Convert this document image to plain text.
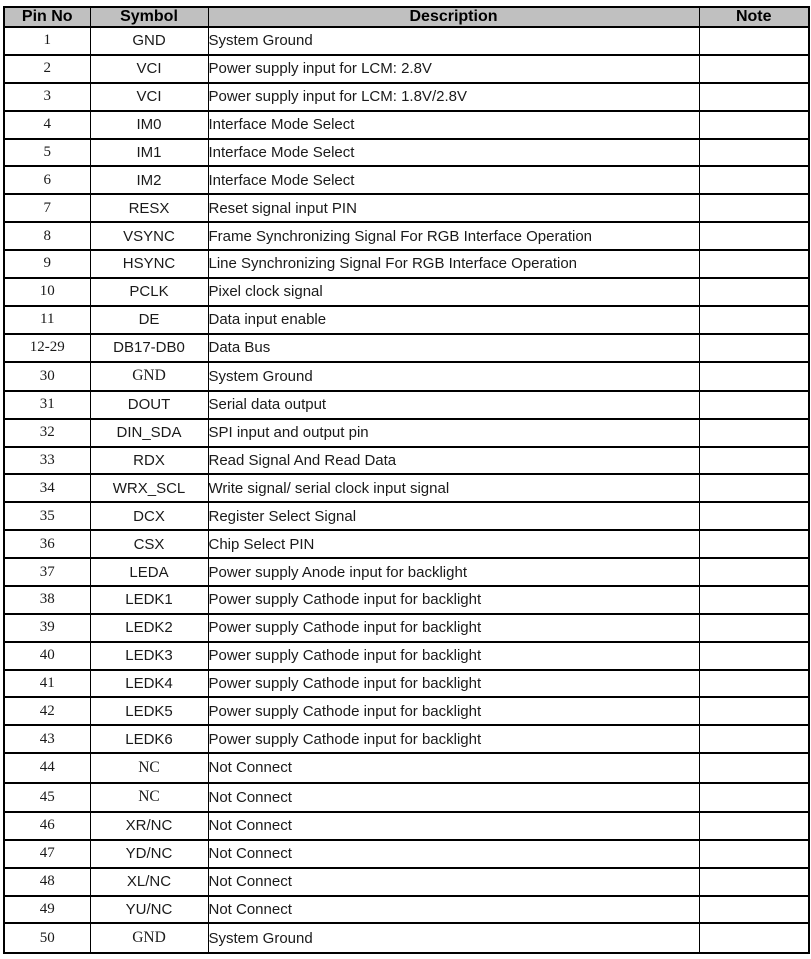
Pin No	Symbol	Description	Note
1	GND	System Ground	
2	VCI	Power supply input for LCM: 2.8V	
3	VCI	Power supply input for LCM: 1.8V/2.8V	
4	IM0	Interface Mode Select	
5	IM1	Interface Mode Select	
6	IM2	Interface Mode Select	
7	RESX	Reset signal input PIN	
8	VSYNC	Frame Synchronizing Signal For RGB Interface Operation	
9	HSYNC	Line Synchronizing Signal For RGB Interface Operation	
10	PCLK	Pixel clock signal	
11	DE	Data input enable	
12-29	DB17-DB0	Data Bus	
30	GND	System Ground	
31	DOUT	Serial data output	
32	DIN_SDA	SPI input and output pin	
33	RDX	Read Signal And Read Data	
34	WRX_SCL	Write signal/ serial clock input signal	
35	DCX	Register Select Signal	
36	CSX	Chip Select PIN	
37	LEDA	Power supply Anode input for backlight	
38	LEDK1	Power supply Cathode input for backlight	
39	LEDK2	Power supply Cathode input for backlight	
40	LEDK3	Power supply Cathode input for backlight	
41	LEDK4	Power supply Cathode input for backlight	
42	LEDK5	Power supply Cathode input for backlight	
43	LEDK6	Power supply Cathode input for backlight	
44	NC	Not Connect	
45	NC	Not Connect	
46	XR/NC	Not Connect	
47	YD/NC	Not Connect	
48	XL/NC	Not Connect	
49	YU/NC	Not Connect	
50	GND	System Ground	
